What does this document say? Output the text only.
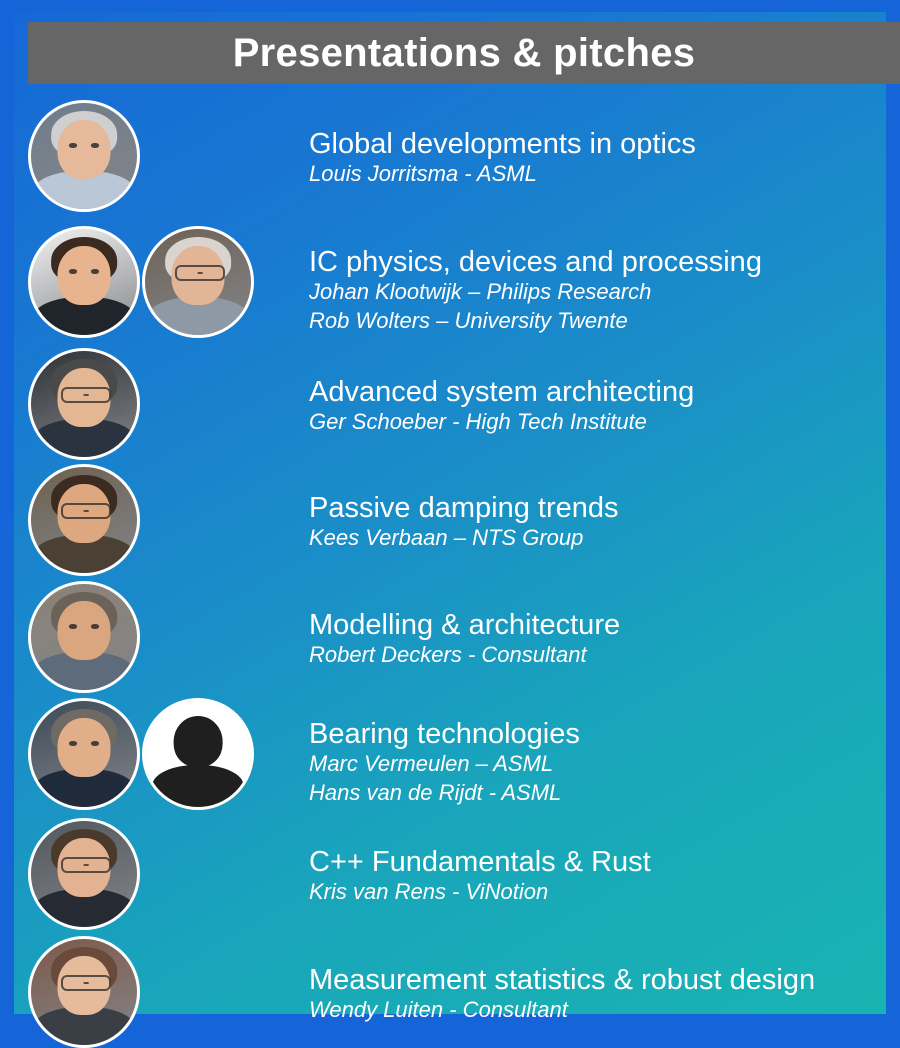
Presentations & pitches
Global developments in optics
Louis Jorritsma - ASML
IC physics, devices and processing
Johan Klootwijk – Philips Research
Rob Wolters – University Twente
Advanced system architecting
Ger Schoeber - High Tech Institute
Passive damping trends
Kees Verbaan – NTS Group
Modelling & architecture
Robert Deckers - Consultant
Bearing technologies
Marc Vermeulen – ASML
Hans van de Rijdt - ASML
C++ Fundamentals & Rust
Kris van Rens - ViNotion
Measurement statistics & robust design
Wendy Luiten - Consultant
